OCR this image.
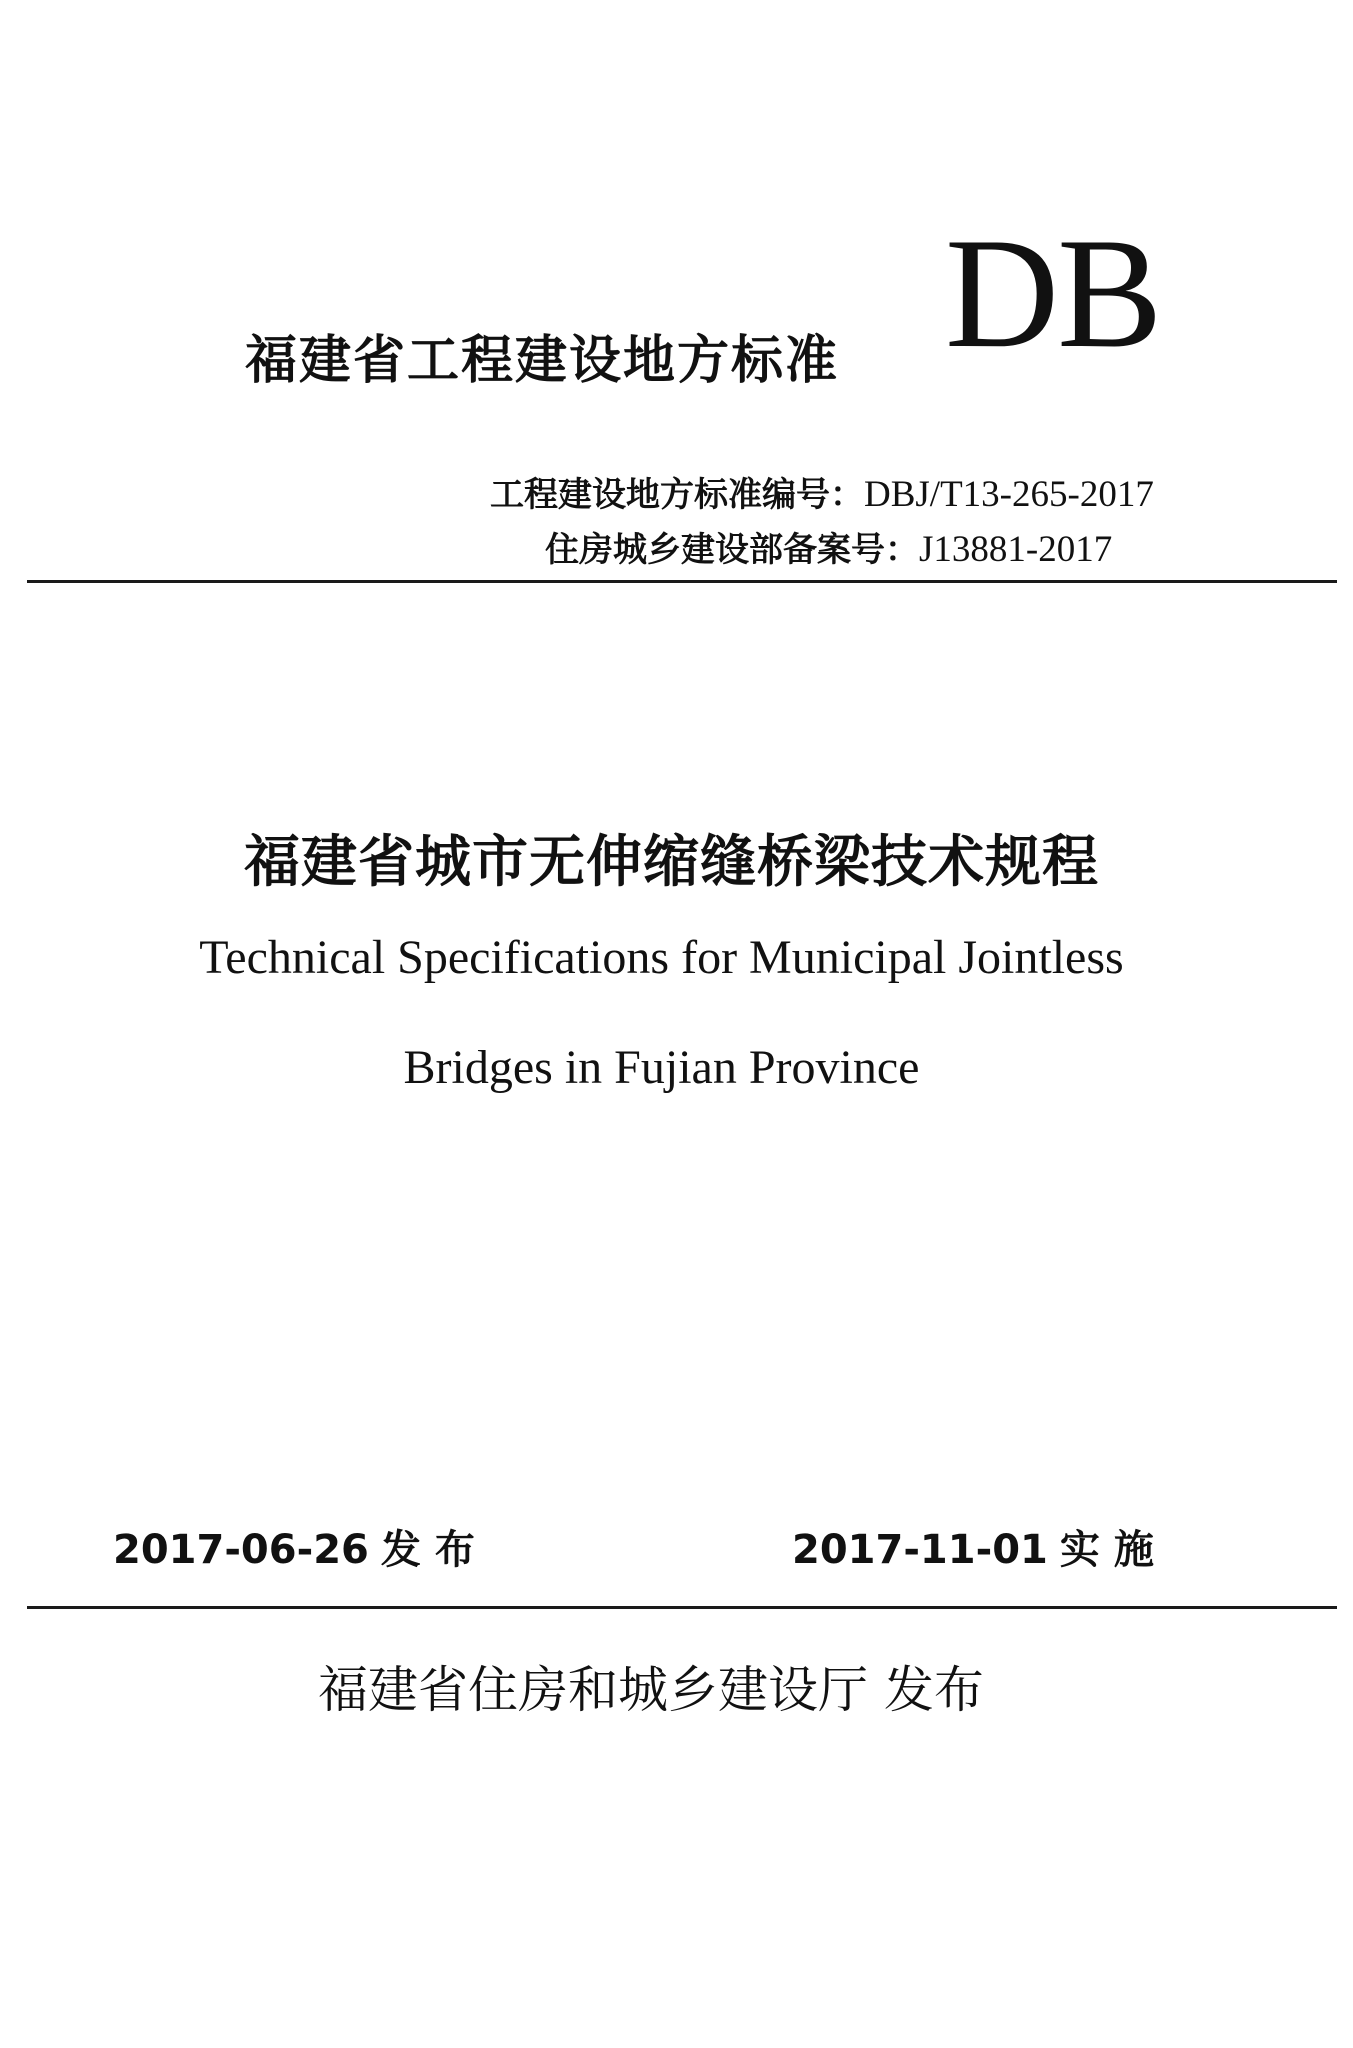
福建省工程建设地方标准 DB
工程建设地方标准编号：DBJ/T13-265-2017
住房城乡建设部备案号：J13881-2017
福建省城市无伸缩缝桥梁技术规程
Technical Specifications for Municipal Jointless
Bridges in Fujian Province
2017-06-26 发布	2017-11-01 实施
福建省住房和城乡建设厅 发布
